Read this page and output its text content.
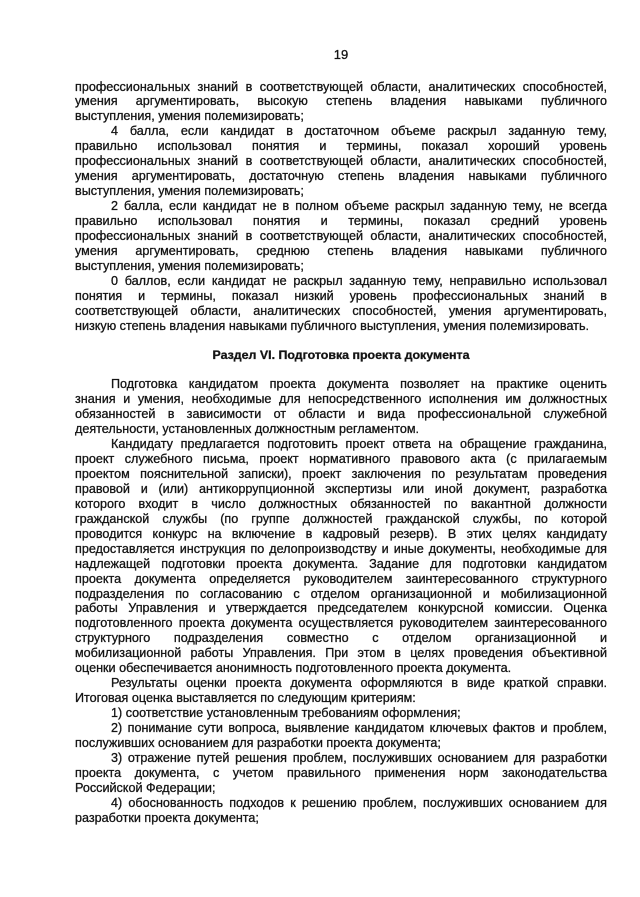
19
профессиональных знаний в соответствующей области, аналитических способностей,
умения аргументировать, высокую степень владения навыками публичного
выступления, умения полемизировать;
4 балла, если кандидат в достаточном объеме раскрыл заданную тему,
правильно использовал понятия и термины, показал хороший уровень
профессиональных знаний в соответствующей области, аналитических способностей,
умения аргументировать, достаточную степень владения навыками публичного
выступления, умения полемизировать;
2 балла, если кандидат не в полном объеме раскрыл заданную тему, не всегда
правильно использовал понятия и термины, показал средний уровень
профессиональных знаний в соответствующей области, аналитических способностей,
умения аргументировать, среднюю степень владения навыками публичного
выступления, умения полемизировать;
0 баллов, если кандидат не раскрыл заданную тему, неправильно использовал
понятия и термины, показал низкий уровень профессиональных знаний в
соответствующей области, аналитических способностей, умения аргументировать,
низкую степень владения навыками публичного выступления, умения полемизировать.
Раздел VI. Подготовка проекта документа
Подготовка кандидатом проекта документа позволяет на практике оценить
знания и умения, необходимые для непосредственного исполнения им должностных
обязанностей в зависимости от области и вида профессиональной служебной
деятельности, установленных должностным регламентом.
Кандидату предлагается подготовить проект ответа на обращение гражданина,
проект служебного письма, проект нормативного правового акта (с прилагаемым
проектом пояснительной записки), проект заключения по результатам проведения
правовой и (или) антикоррупционной экспертизы или иной документ, разработка
которого входит в число должностных обязанностей по вакантной должности
гражданской службы (по группе должностей гражданской службы, по которой
проводится конкурс на включение в кадровый резерв). В этих целях кандидату
предоставляется инструкция по делопроизводству и иные документы, необходимые для
надлежащей подготовки проекта документа. Задание для подготовки кандидатом
проекта документа определяется руководителем заинтересованного структурного
подразделения по согласованию с отделом организационной и мобилизационной
работы Управления и утверждается председателем конкурсной комиссии. Оценка
подготовленного проекта документа осуществляется руководителем заинтересованного
структурного подразделения совместно с отделом организационной и
мобилизационной работы Управления. При этом в целях проведения объективной
оценки обеспечивается анонимность подготовленного проекта документа.
Результаты оценки проекта документа оформляются в виде краткой справки.
Итоговая оценка выставляется по следующим критериям:
1) соответствие установленным требованиям оформления;
2) понимание сути вопроса, выявление кандидатом ключевых фактов и проблем,
послуживших основанием для разработки проекта документа;
3) отражение путей решения проблем, послуживших основанием для разработки
проекта документа, с учетом правильного применения норм законодательства
Российской Федерации;
4) обоснованность подходов к решению проблем, послуживших основанием для
разработки проекта документа;
